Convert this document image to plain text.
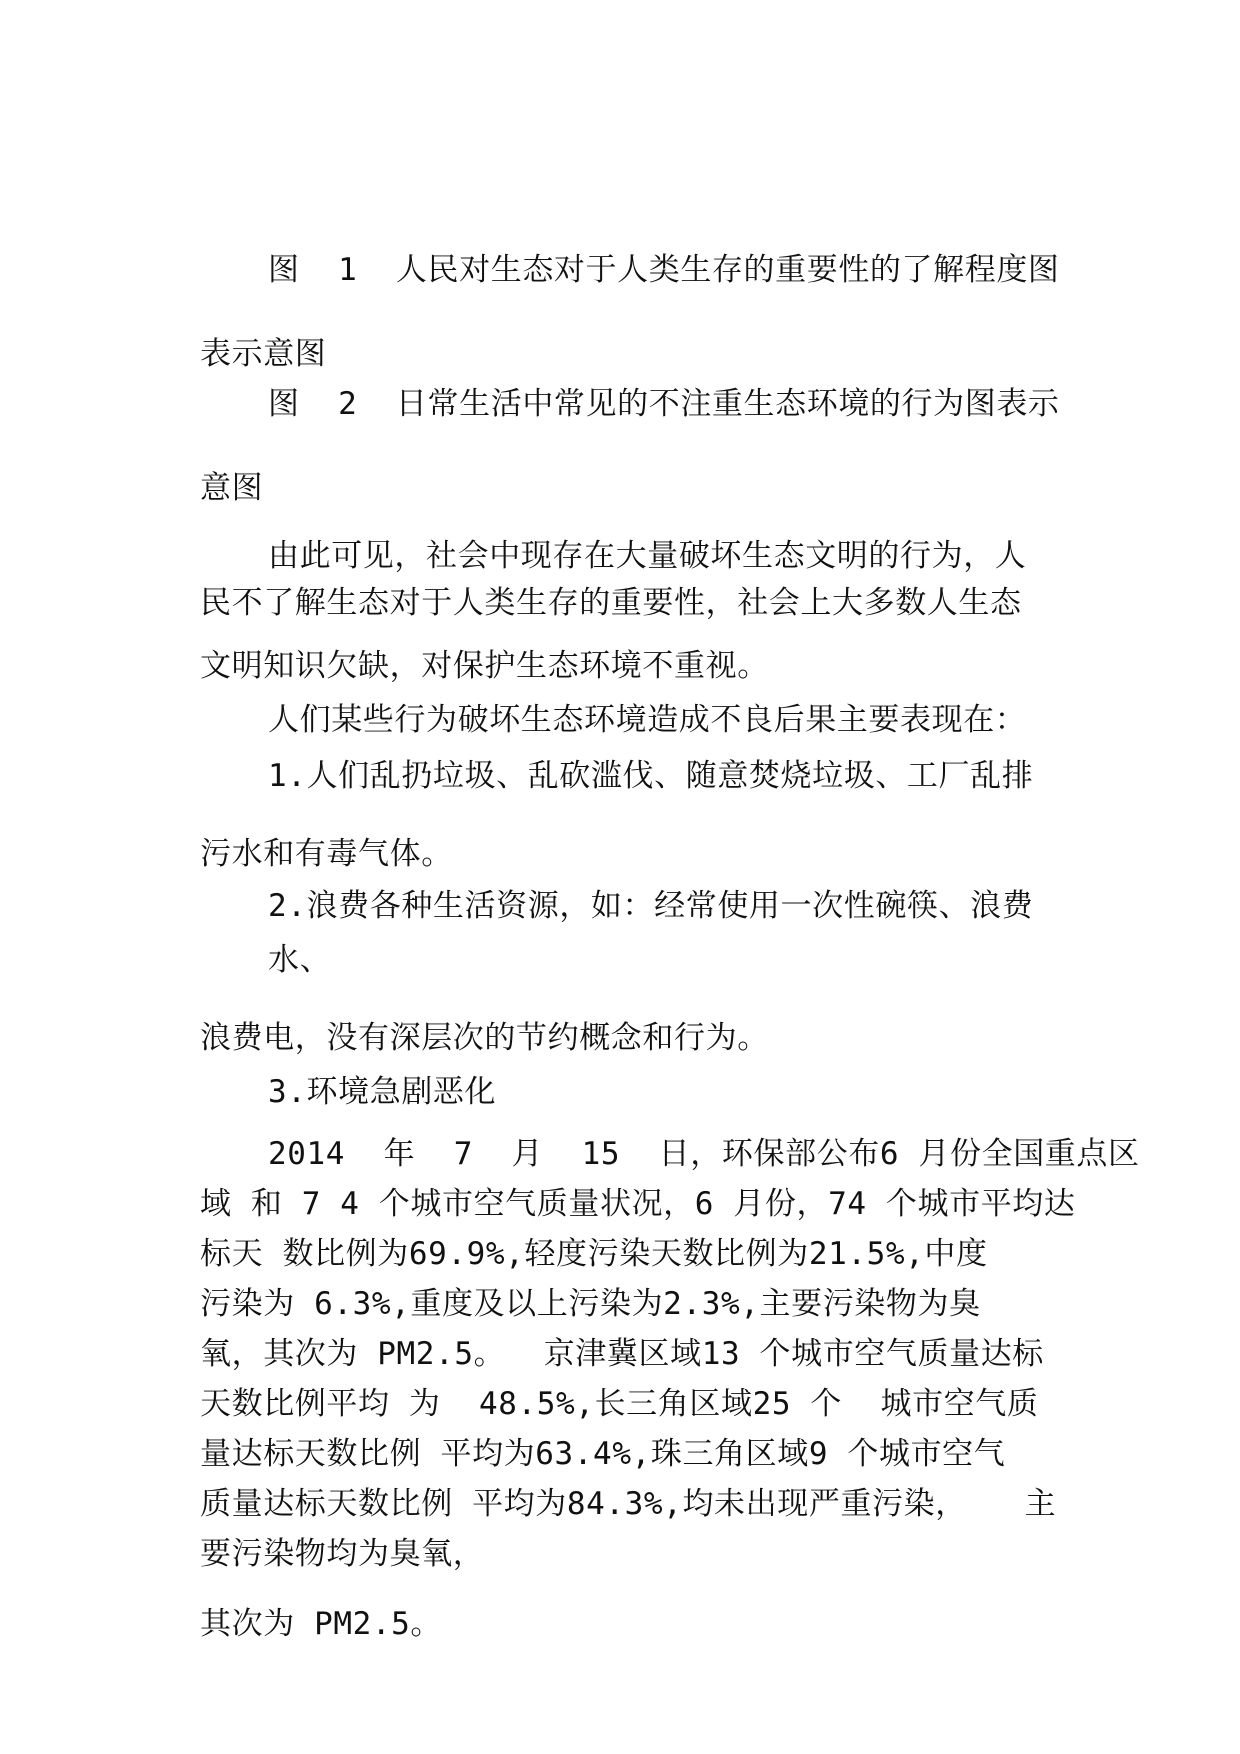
图  1  人民对生态对于人类生存的重要性的了解程度图
表示意图
图  2  日常生活中常见的不注重生态环境的行为图表示
意图
由此可见，社会中现存在大量破坏生态文明的行为，人
民不了解生态对于人类生存的重要性，社会上大多数人生态
文明知识欠缺，对保护生态环境不重视。
人们某些行为破坏生态环境造成不良后果主要表现在：
1.人们乱扔垃圾、乱砍滥伐、随意焚烧垃圾、工厂乱排
污水和有毒气体。
2.浪费各种生活资源，如：经常使用一次性碗筷、浪费
水、
浪费电，没有深层次的节约概念和行为。
3.环境急剧恶化
2014  年  7  月  15  日，环保部公布6 月份全国重点区
域 和 7 4 个城市空气质量状况，6 月份，74 个城市平均达
标天 数比例为69.9%,轻度污染天数比例为21.5%,中度
污染为 6.3%,重度及以上污染为2.3%,主要污染物为臭
氧，其次为 PM2.5。  京津冀区域13 个城市空气质量达标
天数比例平均 为  48.5%,长三角区域25 个  城市空气质
量达标天数比例 平均为63.4%,珠三角区域9 个城市空气
质量达标天数比例 平均为84.3%,均未出现严重污染，   主
要污染物均为臭氧，
其次为 PM2.5。
